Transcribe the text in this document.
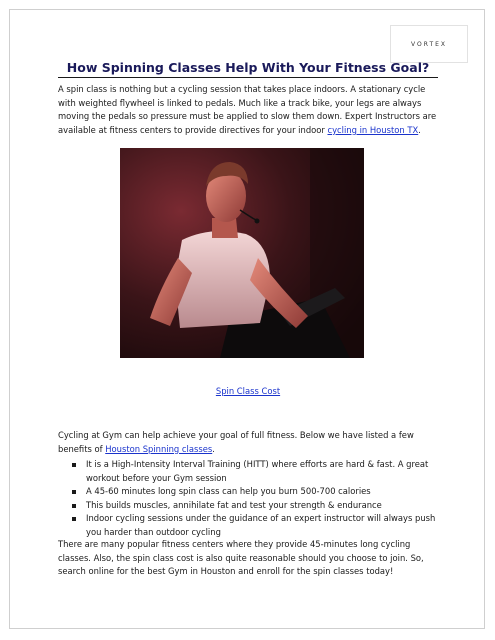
VORTEX
How Spinning Classes Help With Your Fitness Goal?

A spin class is nothing but a cycling session that takes place indoors. A stationary cycle with weighted flywheel is linked to pedals. Much like a track bike, your legs are always moving the pedals so pressure must be applied to slow them down. Expert Instructors are available at fitness centers to provide directives for your indoor cycling in Houston TX.

Spin Class Cost

Cycling at Gym can help achieve your goal of full fitness. Below we have listed a few benefits of Houston Spinning classes.

It is a High-Intensity Interval Training (HITT) where efforts are hard & fast. A great workout before your Gym session
A 45-60 minutes long spin class can help you burn 500-700 calories
This builds muscles, annihilate fat and test your strength & endurance
Indoor cycling sessions under the guidance of an expert instructor will always push you harder than outdoor cycling

There are many popular fitness centers where they provide 45-minutes long cycling classes. Also, the spin class cost is also quite reasonable should you choose to join. So, search online for the best Gym in Houston and enroll for the spin classes today!
